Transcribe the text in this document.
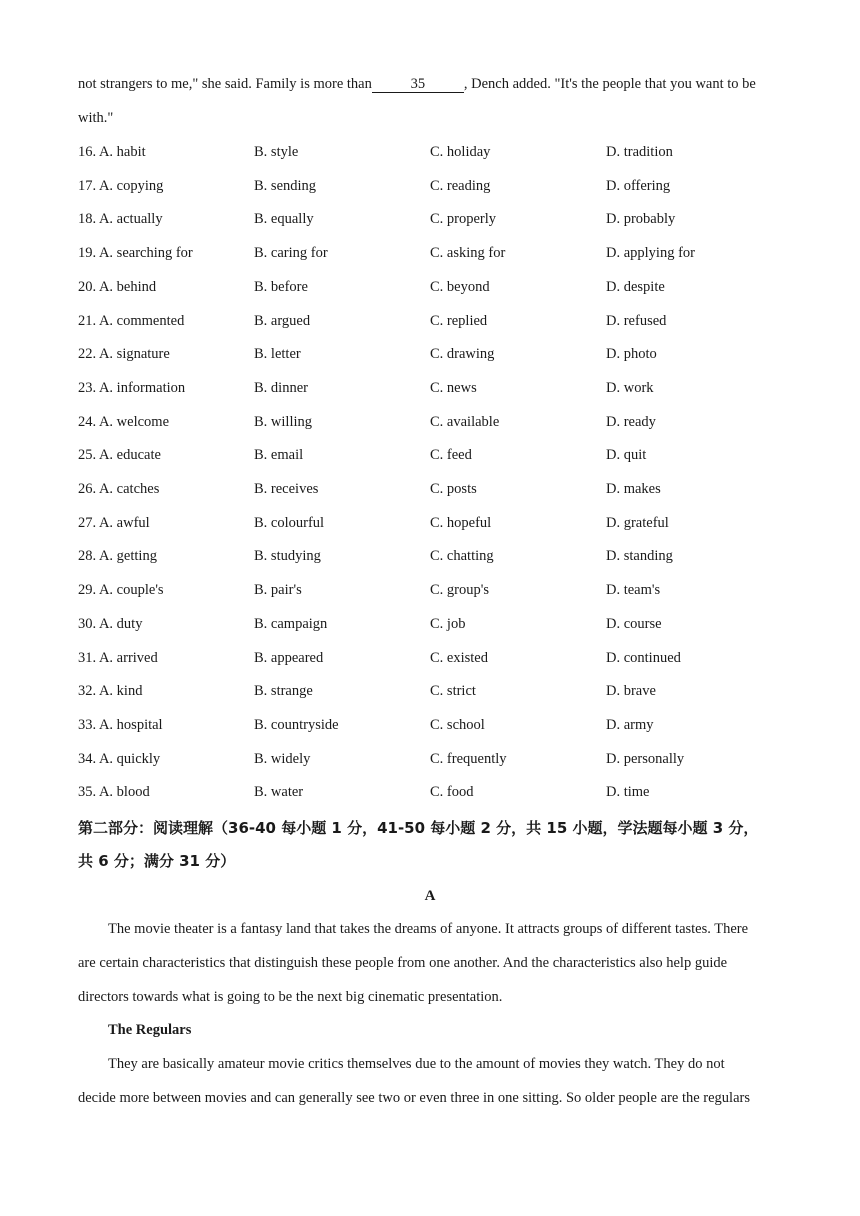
not strangers to me," she said. Family is more than	35	, Dench added. "It's the people that you want to be
with."
16. A. habit	B. style	C. holiday	D. tradition
17. A. copying	B. sending	C. reading	D. offering
18. A. actually	B. equally	C. properly	D. probably
19. A. searching for	B. caring for	C. asking for	D. applying for
20. A. behind	B. before	C. beyond	D. despite
21. A. commented	B. argued	C. replied	D. refused
22. A. signature	B. letter	C. drawing	D. photo
23. A. information	B. dinner	C. news	D. work
24. A. welcome	B. willing	C. available	D. ready
25. A. educate	B. email	C. feed	D. quit
26. A. catches	B. receives	C. posts	D. makes
27. A. awful	B. colourful	C. hopeful	D. grateful
28. A. getting	B. studying	C. chatting	D. standing
29. A. couple's	B. pair's	C. group's	D. team's
30. A. duty	B. campaign	C. job	D. course
31. A. arrived	B. appeared	C. existed	D. continued
32. A. kind	B. strange	C. strict	D. brave
33. A. hospital	B. countryside	C. school	D. army
34. A. quickly	B. widely	C. frequently	D. personally
35. A. blood	B. water	C. food	D. time
第二部分：阅读理解（36-40 每小题 1 分，41-50 每小题 2 分，共 15 小题，学法题每小题 3 分，
共 6 分；满分 31 分）
A
The movie theater is a fantasy land that takes the dreams of anyone. It attracts groups of different tastes. There
are certain characteristics that distinguish these people from one another. And the characteristics also help guide
directors towards what is going to be the next big cinematic presentation.
The Regulars
They are basically amateur movie critics themselves due to the amount of movies they watch. They do not
decide more between movies and can generally see two or even three in one sitting. So older people are the regulars
